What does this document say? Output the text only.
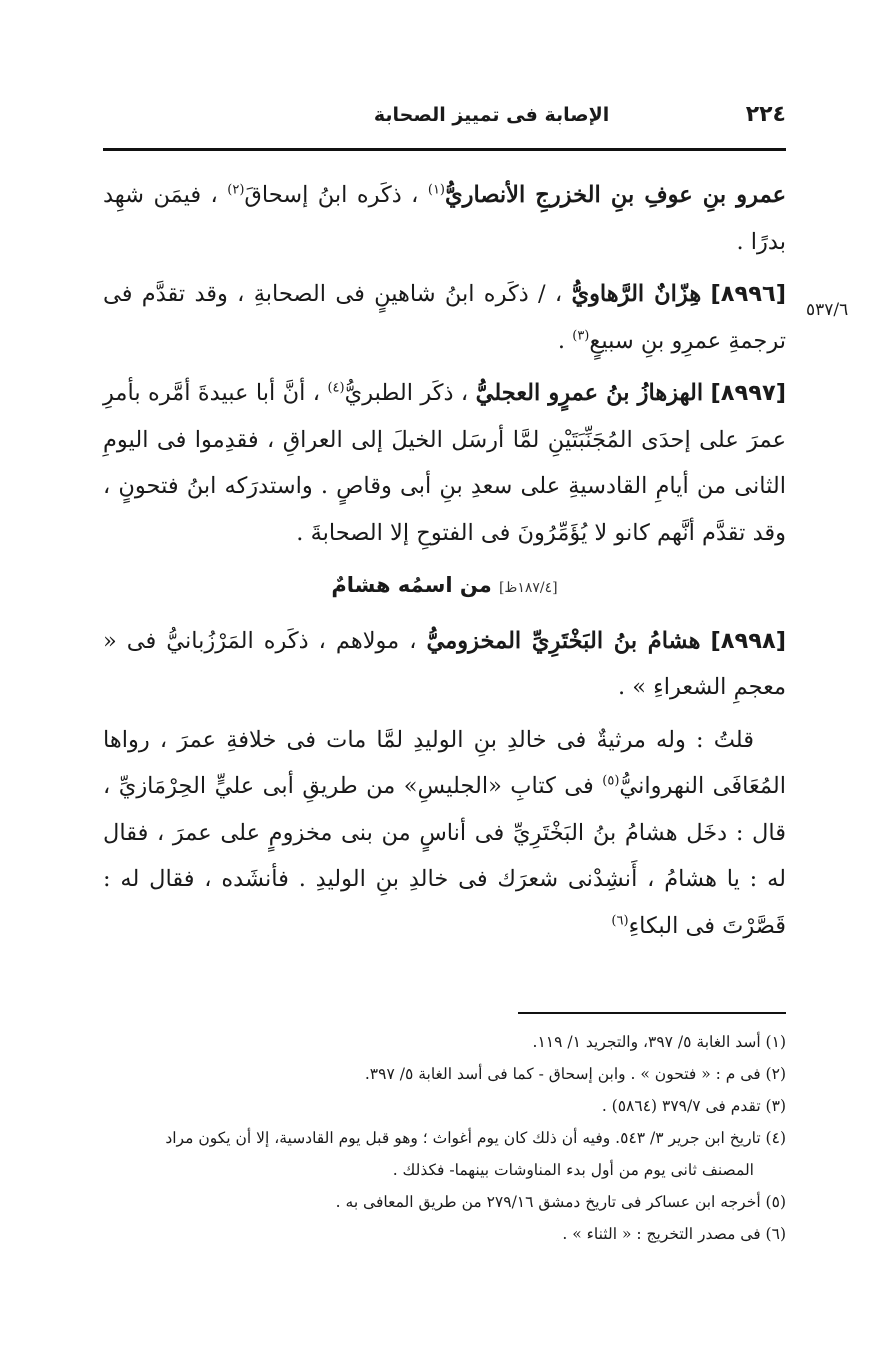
٢٢٤
الإصابة فى تمييز الصحابة
٥٣٧/٦

عمرو بنِ عوفِ بنِ الخزرجِ الأنصاريُّ$^{(١)}$ ، ذكَره ابنُ إسحاقَ$^{(٢)}$ ، فيمَن شهِد بدرًا .

[٨٩٩٦] هِزّانٌ الرَّهاويُّ ، / ذكَره ابنُ شاهينٍ فى الصحابةِ ، وقد تقدَّم فى ترجمةِ عمرِو بنِ سبيعٍ$^{(٣)}$ .

[٨٩٩٧] الهزهازُ بنُ عمرٍو العجليُّ ، ذكَر الطبريُّ$^{(٤)}$ ، أنَّ أبا عبيدةَ أمَّره بأمرِ عمرَ على إحدَى المُجَنِّبَتَيْنِ لمَّا أرسَل الخيلَ إلى العراقِ ، فقدِموا فى اليومِ الثانى من أيامِ القادسيةِ على سعدِ بنِ أبى وقاصٍ . واستدرَكه ابنُ فتحونٍ ، وقد تقدَّم أنَّهم كانو لا يُؤَمِّرُونَ فى الفتوحِ إلا الصحابةَ .

[١٨٧/٤ظ] من اسمُه هشامٌ

[٨٩٩٨] هشامُ بنُ البَخْتَرِيِّ المخزوميُّ ، مولاهم ، ذكَره المَرْزُبانيُّ فى « معجمِ الشعراءِ » .

قلتُ : وله مرثيةٌ فى خالدِ بنِ الوليدِ لمَّا مات فى خلافةِ عمرَ ، رواها المُعَافَى النهروانيُّ$^{(٥)}$ فى كتابِ «الجليسِ» من طريقِ أبى عليٍّ الحِرْمَازيِّ ، قال : دخَل هشامُ بنُ البَخْتَرِيِّ فى أناسٍ من بنى مخزومٍ على عمرَ ، فقال له : يا هشامُ ، أَنشِدْنى شعرَك فى خالدِ بنِ الوليدِ . فأنشَده ، فقال له : قَصَّرْتَ فى البكاءِ$^{(٦)}$

(١) أسد الغابة ٥/ ٣٩٧، والتجريد ١/ ١١٩.

(٢) فى م : « فتحون » . وابن إسحاق - كما فى أسد الغابة ٥/ ٣٩٧.

(٣) تقدم فى ٣٧٩/٧ (٥٨٦٤) .

(٤) تاريخ ابن جرير ٣/ ٥٤٣. وفيه أن ذلك كان يوم أغواث ؛ وهو قبل يوم القادسية، إلا أن يكون مراد

المصنف ثانى يوم من أول بدء المناوشات بينهما- فكذلك .

(٥) أخرجه ابن عساكر فى تاريخ دمشق ٢٧٩/١٦ من طريق المعافى به .

(٦) فى مصدر التخريج : « الثناء » .
